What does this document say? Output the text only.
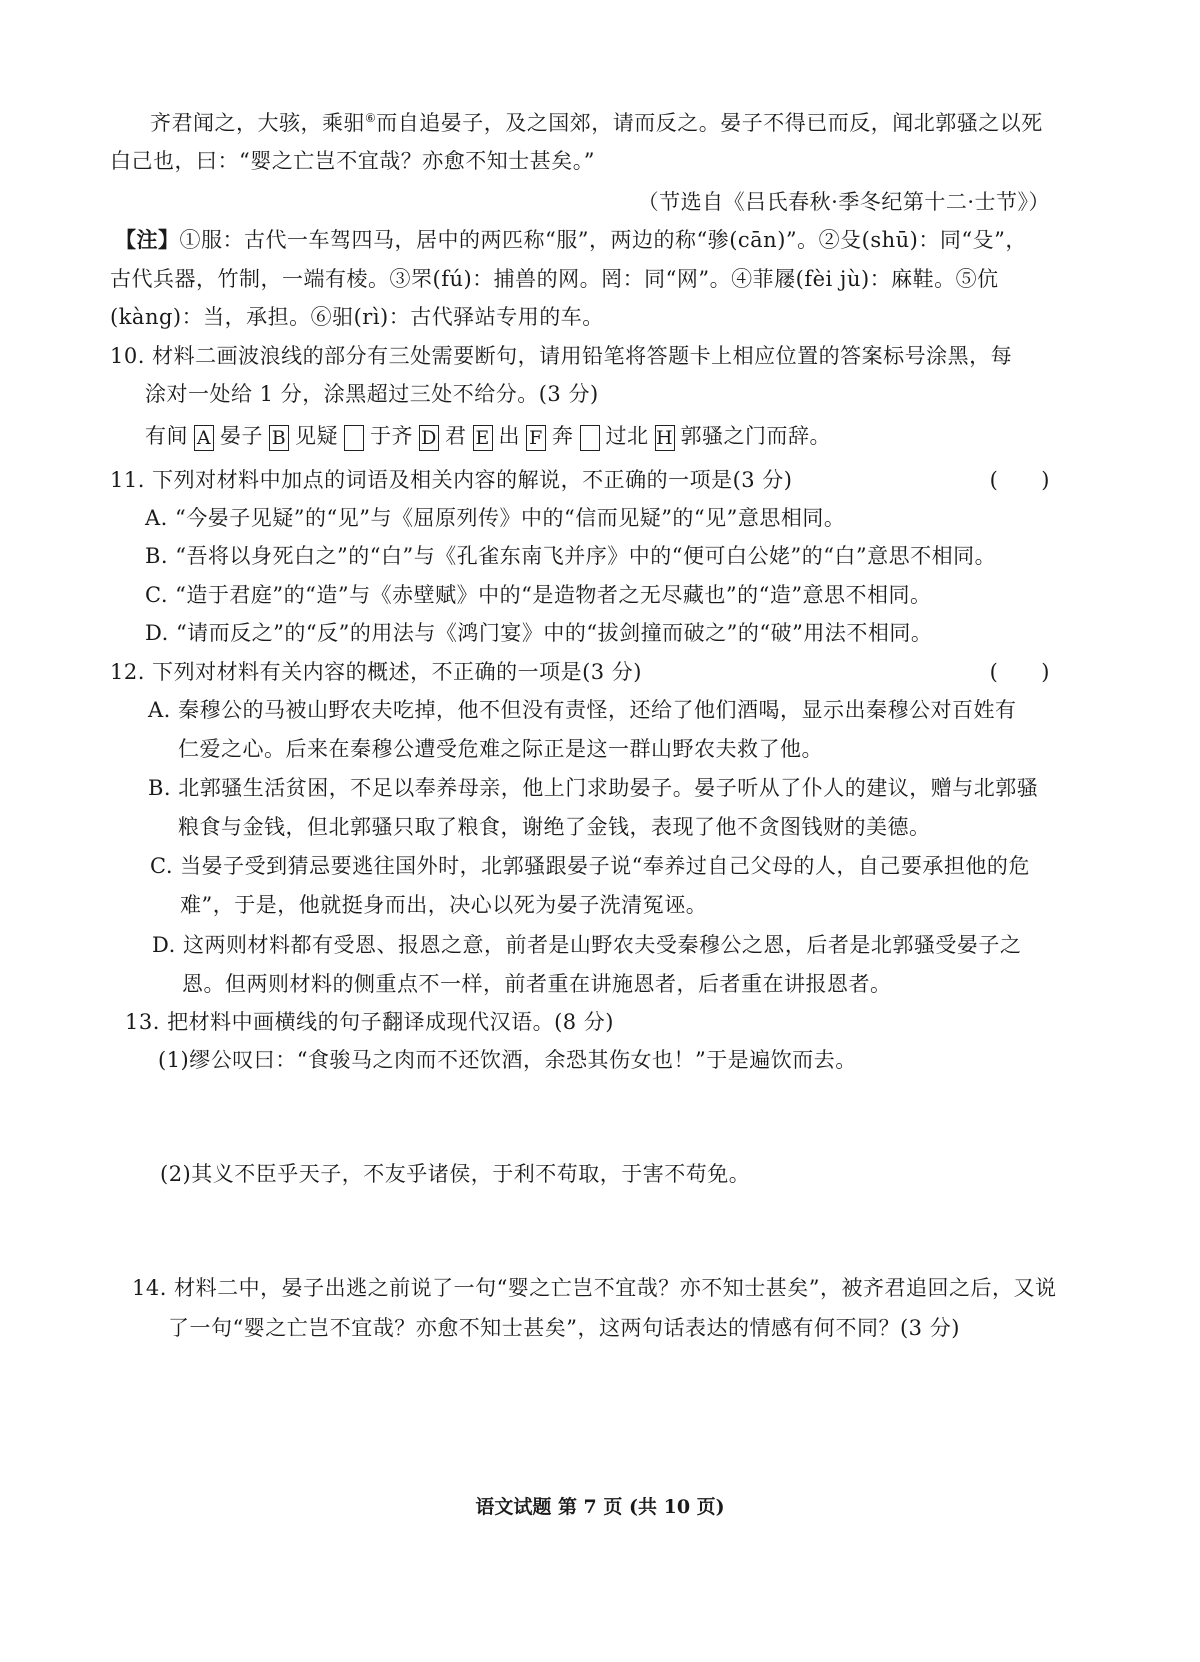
齐君闻之，大骇，乘驲⑥而自追晏子，及之国郊，请而反之。晏子不得已而反，闻北郭骚之以死
白己也，曰：“婴之亡岂不宜哉？亦愈不知士甚矣。”
（节选自《吕氏春秋·季冬纪第十二·士节》）
【注】①服：古代一车驾四马，居中的两匹称“服”，两边的称“骖(cān)”。②殳(shū)：同“殳”，
古代兵器，竹制，一端有棱。③罘(fú)：捕兽的网。罔：同“网”。④菲屦(fèi jù)：麻鞋。⑤伉
(kàng)：当，承担。⑥驲(rì)：古代驿站专用的车。
10. 材料二画波浪线的部分有三处需要断句，请用铅笔将答题卡上相应位置的答案标号涂黑，每
涂对一处给 1 分，涂黑超过三处不给分。(3 分)
有间 A 晏子 B 见疑 于齐 D 君 E 出 F 奔 过北 H 郭骚之门而辞。
11. 下列对材料中加点的词语及相关内容的解说，不正确的一项是(3 分)	(　　)
A. “今晏子见疑”的“见”与《屈原列传》中的“信而见疑”的“见”意思相同。
B. “吾将以身死白之”的“白”与《孔雀东南飞并序》中的“便可白公姥”的“白”意思不相同。
C. “造于君庭”的“造”与《赤壁赋》中的“是造物者之无尽藏也”的“造”意思不相同。
D. “请而反之”的“反”的用法与《鸿门宴》中的“拔剑撞而破之”的“破”用法不相同。
12. 下列对材料有关内容的概述，不正确的一项是(3 分)	(　　)
A. 秦穆公的马被山野农夫吃掉，他不但没有责怪，还给了他们酒喝，显示出秦穆公对百姓有
仁爱之心。后来在秦穆公遭受危难之际正是这一群山野农夫救了他。
B. 北郭骚生活贫困，不足以奉养母亲，他上门求助晏子。晏子听从了仆人的建议，赠与北郭骚
粮食与金钱，但北郭骚只取了粮食，谢绝了金钱，表现了他不贪图钱财的美德。
C. 当晏子受到猜忌要逃往国外时，北郭骚跟晏子说“奉养过自己父母的人，自己要承担他的危
难”，于是，他就挺身而出，决心以死为晏子洗清冤诬。
D. 这两则材料都有受恩、报恩之意，前者是山野农夫受秦穆公之恩，后者是北郭骚受晏子之
恩。但两则材料的侧重点不一样，前者重在讲施恩者，后者重在讲报恩者。
13. 把材料中画横线的句子翻译成现代汉语。(8 分)
(1)缪公叹曰：“食骏马之肉而不还饮酒，余恐其伤女也！”于是遍饮而去。
(2)其义不臣乎天子，不友乎诸侯，于利不苟取，于害不苟免。
14. 材料二中，晏子出逃之前说了一句“婴之亡岂不宜哉？亦不知士甚矣”，被齐君追回之后，又说
了一句“婴之亡岂不宜哉？亦愈不知士甚矣”，这两句话表达的情感有何不同？(3 分)
语文试题 第 7 页 (共 10 页)
